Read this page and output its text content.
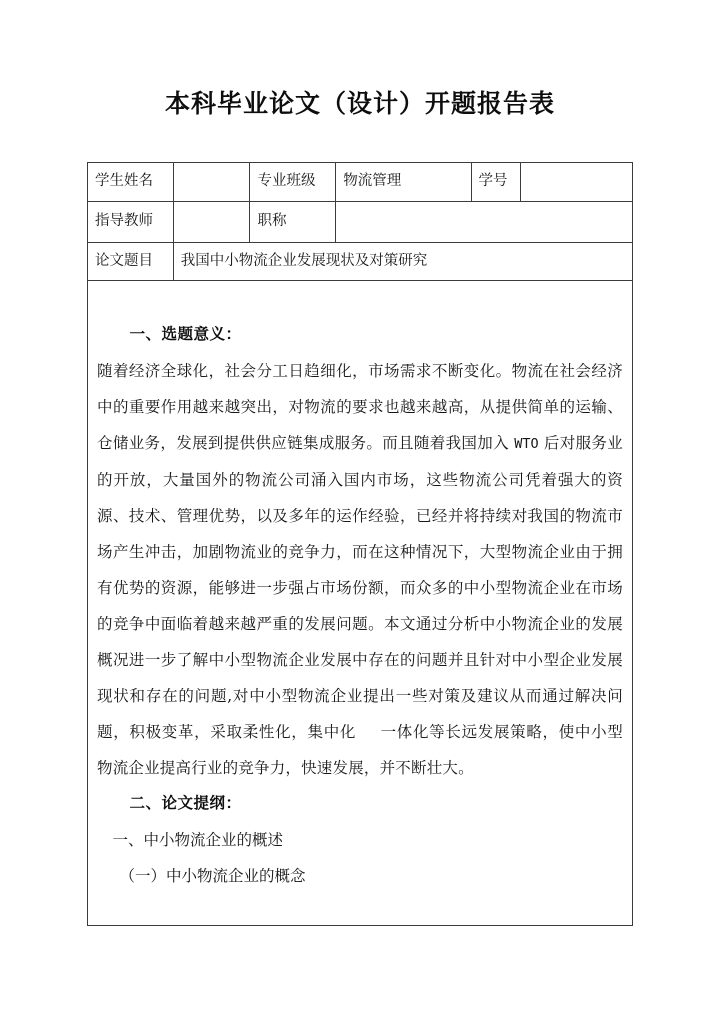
本科毕业论文（设计）开题报告表
学生姓名		专业班级	物流管理	学号	
指导教师		职称			
论文题目	我国中小物流企业发展现状及对策研究				

一、选题意义：

随着经济全球化，社会分工日趋细化，市场需求不断变化。物流在社会经济中的重要作用越来越突出，对物流的要求也越来越高，从提供简单的运输、仓储业务，发展到提供供应链集成服务。而且随着我国加入 WTO 后对服务业的开放，大量国外的物流公司涌入国内市场，这些物流公司凭着强大的资源、技术、管理优势，以及多年的运作经验，已经并将持续对我国的物流市场产生冲击，加剧物流业的竞争力，而在这种情况下，大型物流企业由于拥有优势的资源，能够进一步强占市场份额，而众多的中小型物流企业在市场的竞争中面临着越来越严重的发展问题。本文通过分析中小物流企业的发展概况进一步了解中小型物流企业发展中存在的问题并且针对中小型企业发展现状和存在的问题,对中小型物流企业提出一些对策及建议从而通过解决问题，积极变革，采取柔性化，集中化 一体化等长远发展策略，使中小型物流企业提高行业的竞争力，快速发展，并不断壮大。

二、论文提纲：

一、中小物流企业的概述

（一）中小物流企业的概念					
